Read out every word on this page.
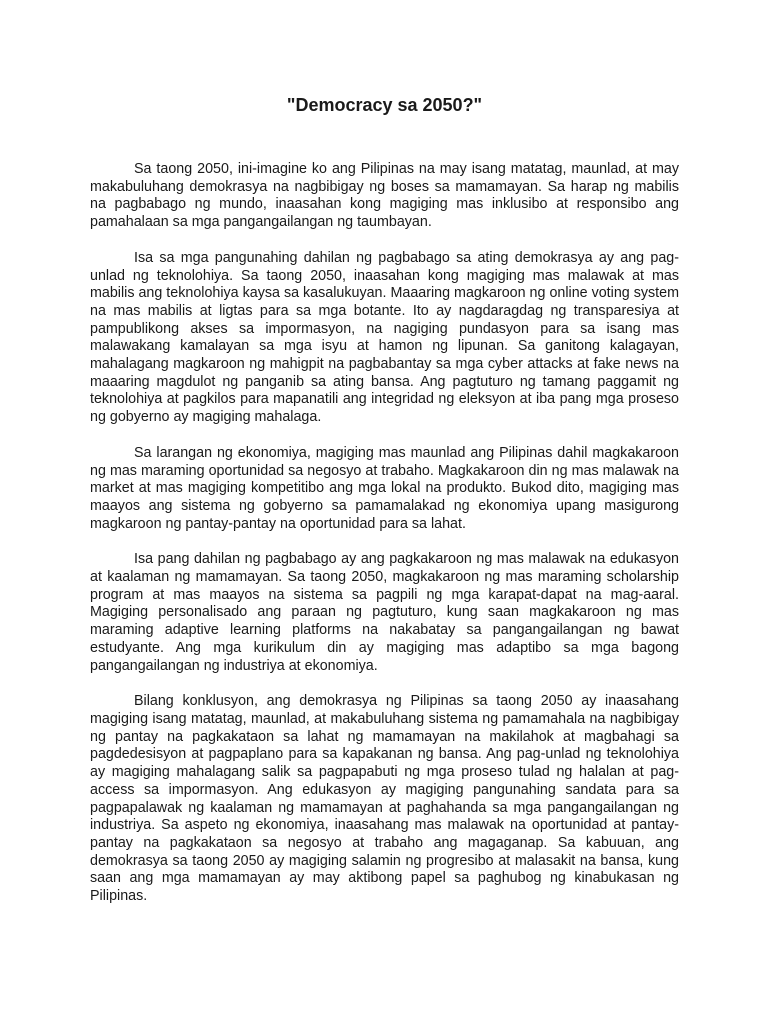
"Democracy sa 2050?"

Sa taong 2050, ini-imagine ko ang Pilipinas na may isang matatag, maunlad, at may makabuluhang demokrasya na nagbibigay ng boses sa mamamayan. Sa harap ng mabilis na pagbabago ng mundo, inaasahan kong magiging mas inklusibo at responsibo ang pamahalaan sa mga pangangailangan ng taumbayan.

Isa sa mga pangunahing dahilan ng pagbabago sa ating demokrasya ay ang pag-unlad ng teknolohiya. Sa taong 2050, inaasahan kong magiging mas malawak at mas mabilis ang teknolohiya kaysa sa kasalukuyan. Maaaring magkaroon ng online voting system na mas mabilis at ligtas para sa mga botante. Ito ay nagdaragdag ng transparesiya at pampublikong akses sa impormasyon, na nagiging pundasyon para sa isang mas malawakang kamalayan sa mga isyu at hamon ng lipunan. Sa ganitong kalagayan, mahalagang magkaroon ng mahigpit na pagbabantay sa mga cyber attacks at fake news na maaaring magdulot ng panganib sa ating bansa. Ang pagtuturo ng tamang paggamit ng teknolohiya at pagkilos para mapanatili ang integridad ng eleksyon at iba pang mga proseso ng gobyerno ay magiging mahalaga.

Sa larangan ng ekonomiya, magiging mas maunlad ang Pilipinas dahil magkakaroon ng mas maraming oportunidad sa negosyo at trabaho. Magkakaroon din ng mas malawak na market at mas magiging kompetitibo ang mga lokal na produkto. Bukod dito, magiging mas maayos ang sistema ng gobyerno sa pamamalakad ng ekonomiya upang masigurong magkaroon ng pantay-pantay na oportunidad para sa lahat.

Isa pang dahilan ng pagbabago ay ang pagkakaroon ng mas malawak na edukasyon at kaalaman ng mamamayan. Sa taong 2050, magkakaroon ng mas maraming scholarship program at mas maayos na sistema sa pagpili ng mga karapat-dapat na mag-aaral. Magiging personalisado ang paraan ng pagtuturo, kung saan magkakaroon ng mas maraming adaptive learning platforms na nakabatay sa pangangailangan ng bawat estudyante. Ang mga kurikulum din ay magiging mas adaptibo sa mga bagong pangangailangan ng industriya at ekonomiya.

Bilang konklusyon, ang demokrasya ng Pilipinas sa taong 2050 ay inaasahang magiging isang matatag, maunlad, at makabuluhang sistema ng pamamahala na nagbibigay ng pantay na pagkakataon sa lahat ng mamamayan na makilahok at magbahagi sa pagdedesisyon at pagpaplano para sa kapakanan ng bansa. Ang pag-unlad ng teknolohiya ay magiging mahalagang salik sa pagpapabuti ng mga proseso tulad ng halalan at pag-access sa impormasyon. Ang edukasyon ay magiging pangunahing sandata para sa pagpapalawak ng kaalaman ng mamamayan at paghahanda sa mga pangangailangan ng industriya. Sa aspeto ng ekonomiya, inaasahang mas malawak na oportunidad at pantay-pantay na pagkakataon sa negosyo at trabaho ang magaganap. Sa kabuuan, ang demokrasya sa taong 2050 ay magiging salamin ng progresibo at malasakit na bansa, kung saan ang mga mamamayan ay may aktibong papel sa paghubog ng kinabukasan ng Pilipinas.
